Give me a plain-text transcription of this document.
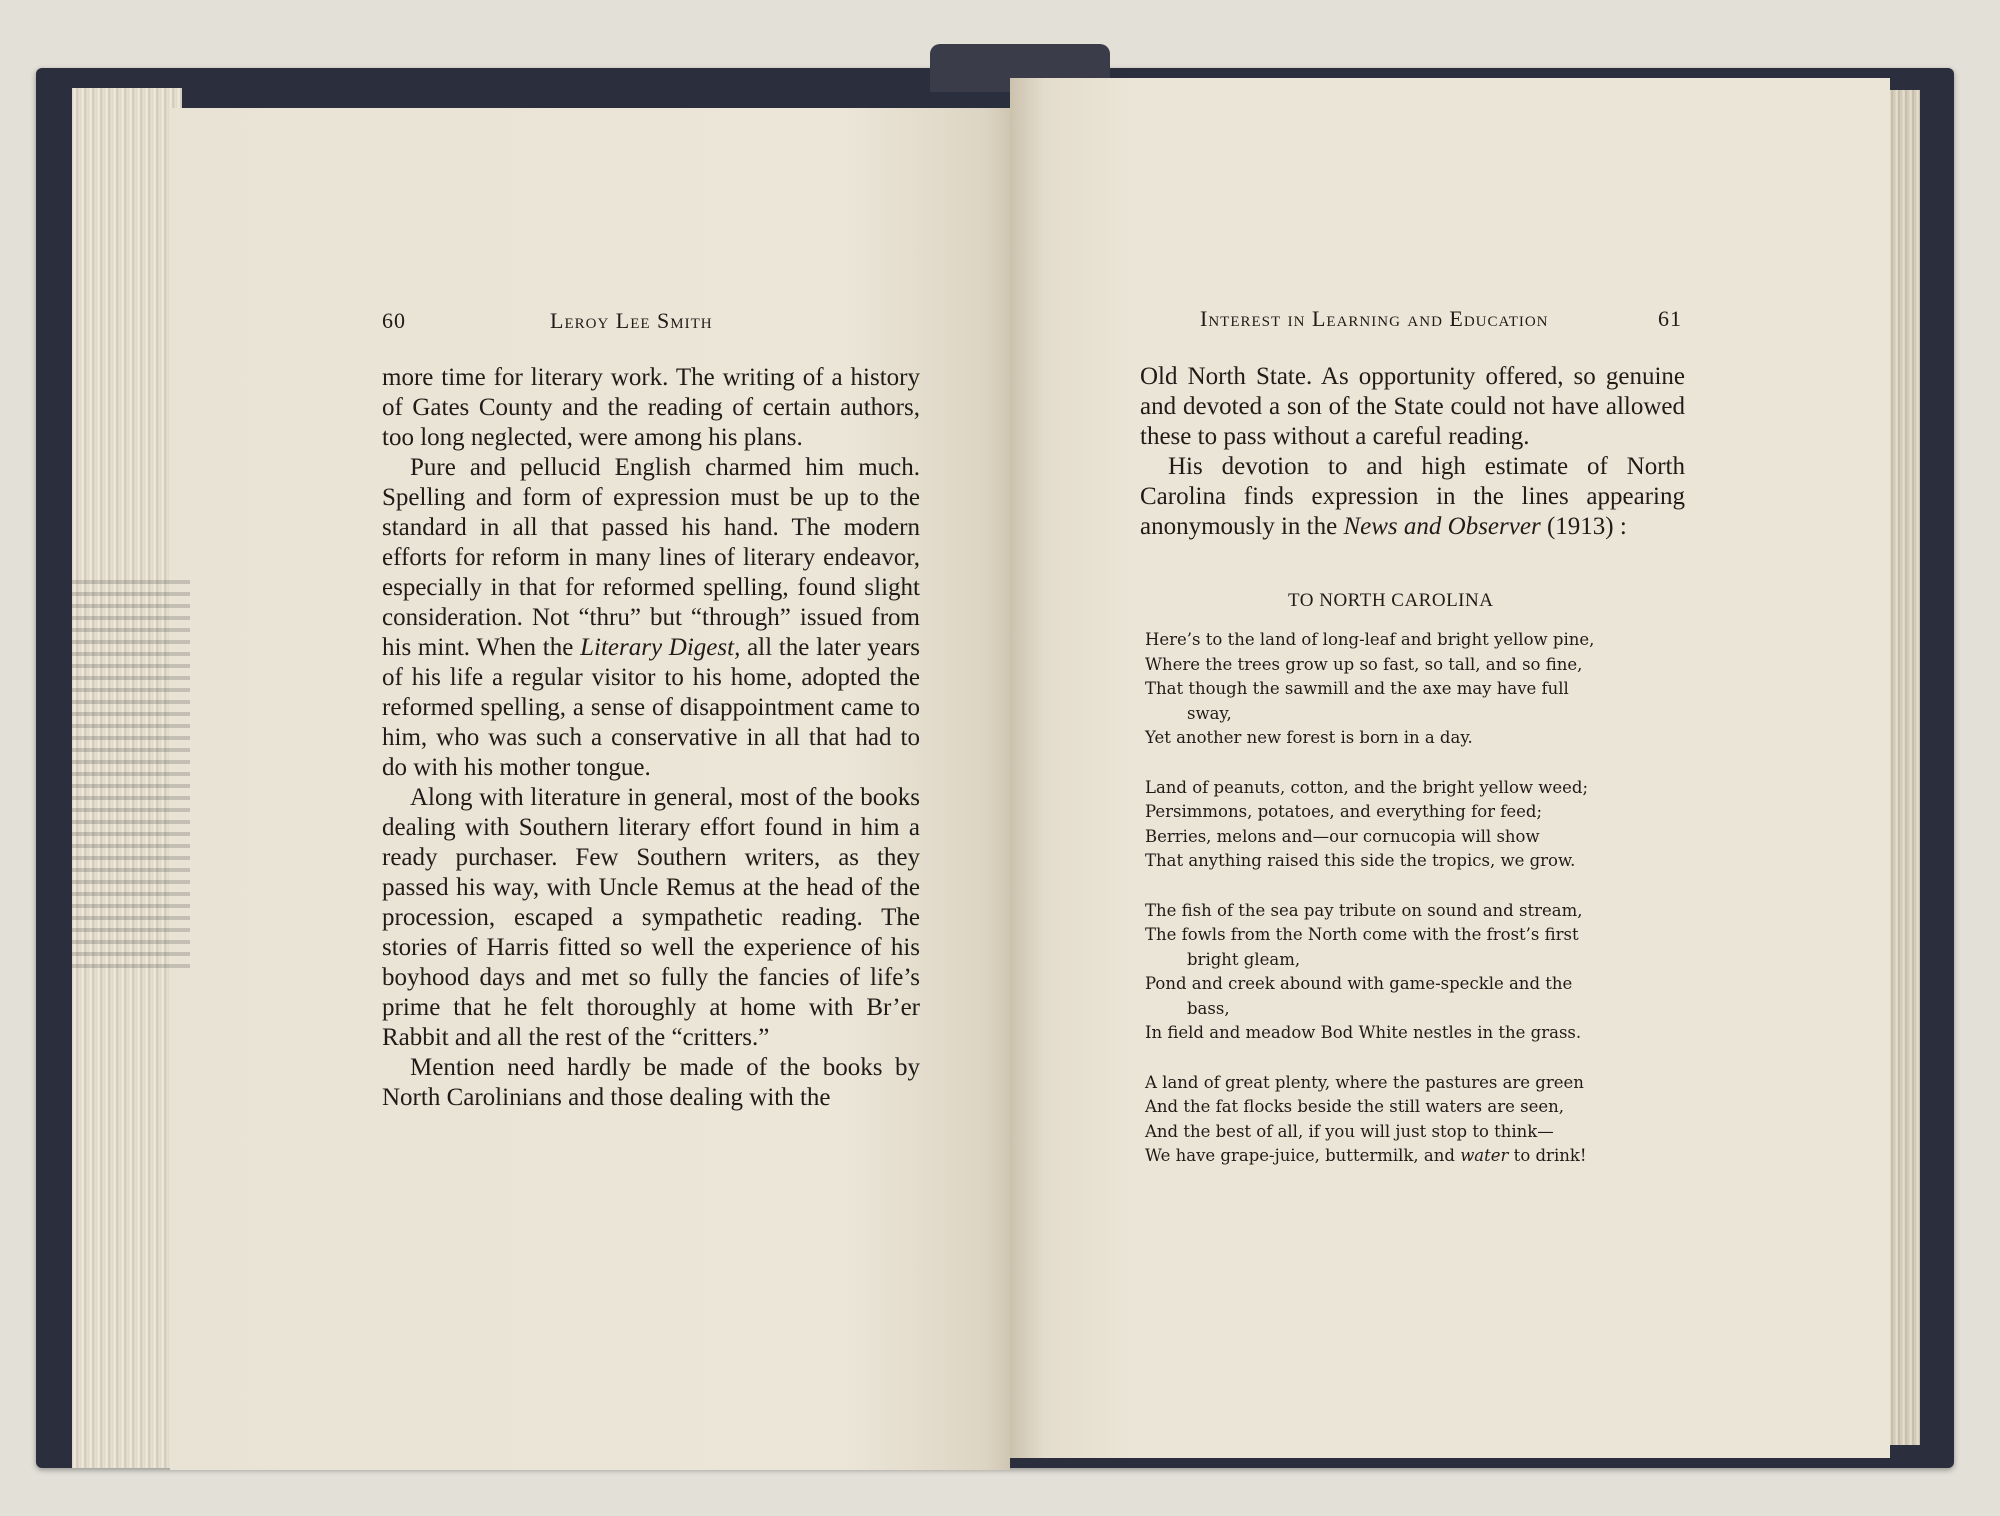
60	Leroy Lee Smith

more time for literary work. The writing of a history of Gates County and the reading of certain authors, too long neglected, were among his plans.

Pure and pellucid English charmed him much. Spelling and form of expression must be up to the standard in all that passed his hand. The modern efforts for reform in many lines of literary endeavor, especially in that for reformed spelling, found slight consideration. Not “thru” but “through” issued from his mint. When the Literary Digest, all the later years of his life a regular visitor to his home, adopted the reformed spelling, a sense of disappointment came to him, who was such a conservative in all that had to do with his mother tongue.

Along with literature in general, most of the books dealing with Southern literary effort found in him a ready purchaser. Few Southern writers, as they passed his way, with Uncle Remus at the head of the procession, escaped a sympathetic reading. The stories of Harris fitted so well the experience of his boyhood days and met so fully the fancies of life’s prime that he felt thoroughly at home with Br’er Rabbit and all the rest of the “critters.”

Mention need hardly be made of the books by North Carolinians and those dealing with the

Interest in Learning and Education	61

Old North State. As opportunity offered, so genuine and devoted a son of the State could not have allowed these to pass without a careful reading.

His devotion to and high estimate of North Carolina finds expression in the lines appearing anonymously in the News and Observer (1913) :

TO NORTH CAROLINA
Here’s to the land of long-leaf and bright yellow pine,
Where the trees grow up so fast, so tall, and so fine,
That though the sawmill and the axe may have full
sway,
Yet another new forest is born in a day.
Land of peanuts, cotton, and the bright yellow weed;
Persimmons, potatoes, and everything for feed;
Berries, melons and—our cornucopia will show
That anything raised this side the tropics, we grow.
The fish of the sea pay tribute on sound and stream,
The fowls from the North come with the frost’s first
bright gleam,
Pond and creek abound with game-speckle and the
bass,
In field and meadow Bod White nestles in the grass.
A land of great plenty, where the pastures are green
And the fat flocks beside the still waters are seen,
And the best of all, if you will just stop to think—
We have grape-juice, buttermilk, and water to drink!
